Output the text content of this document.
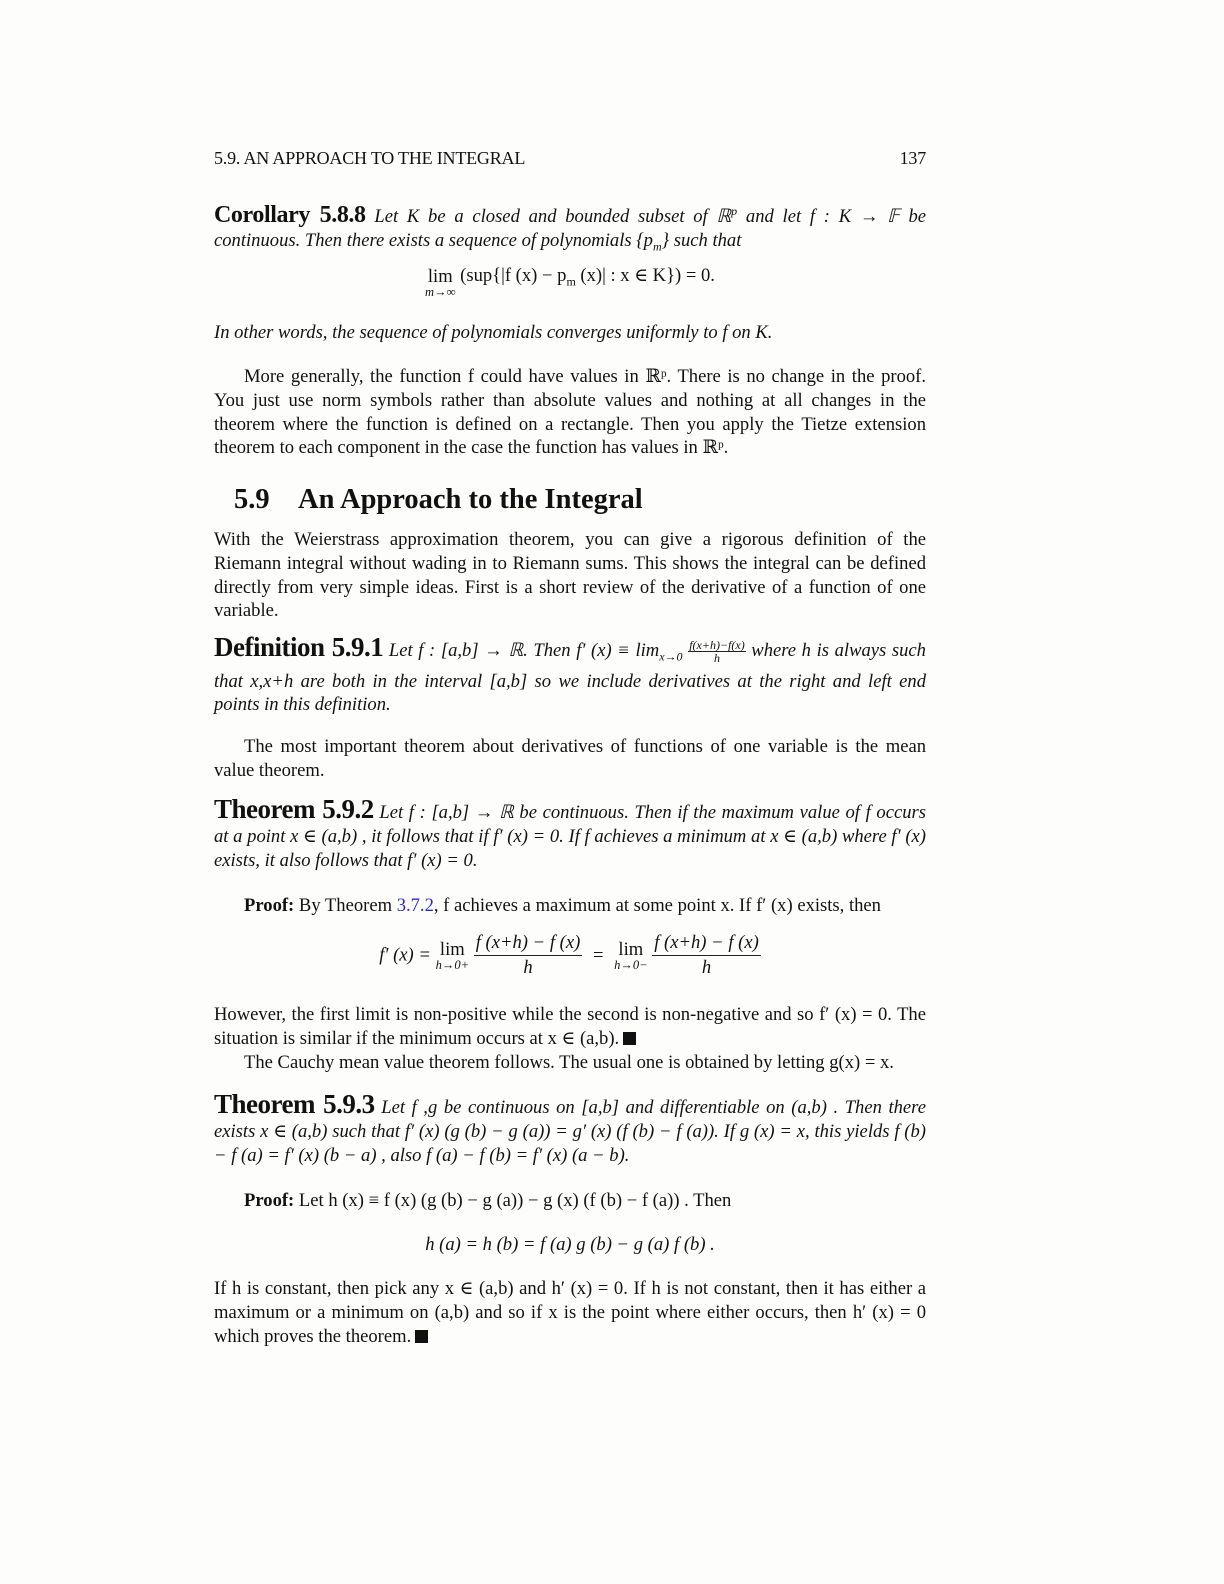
5.9. AN APPROACH TO THE INTEGRAL	137
Corollary 5.8.8 Let K be a closed and bounded subset of ℝ$^p$ and let f : K → 𝔽 be continuous. Then there exists a sequence of polynomials $\{p_m\}$ such that
lim
m→∞
(sup{|f $(x) - p_m$ (x)| : x ∈ K}) = 0.
In other words, the sequence of polynomials converges uniformly to f on K.
More generally, the function f could have values in ℝᵖ. There is no change in the proof. You just use norm symbols rather than absolute values and nothing at all changes in the theorem where the function is defined on a rectangle. Then you apply the Tietze extension theorem to each component in the case the function has values in ℝᵖ.
5.9 An Approach to the Integral
With the Weierstrass approximation theorem, you can give a rigorous definition of the Riemann integral without wading in to Riemann sums. This shows the integral can be defined directly from very simple ideas. First is a short review of the derivative of a function of one variable.
Definition 5.9.1 Let f : [a,b] → ℝ. Then f′ $(x) \equiv \lim_{x\to 0} \frac{f(x+h)-f(x)}{h}$ where h is always such that x,x+h are both in the interval [a,b] so we include derivatives at the right and left end points in this definition.
The most important theorem about derivatives of functions of one variable is the mean value theorem.
Theorem 5.9.2 Let f : [a,b] → ℝ be continuous. Then if the maximum value of f occurs at a point x ∈ (a,b) , it follows that if f′ (x) = 0. If f achieves a minimum at x ∈ (a,b) where f′ (x) exists, it also follows that f′ (x) = 0.
Proof: By Theorem 3.7.2, f achieves a maximum at some point x. If f′ (x) exists, then
f′ (x) = lim
h→0+
$\frac{f (x+h) - f (x)}{h} = \lim$
h→0−
$\frac{f (x+h) - f (x)}{h}$
However, the first limit is non-positive while the second is non-negative and so f′ (x) = 0. The situation is similar if the minimum occurs at x ∈ (a,b).
The Cauchy mean value theorem follows. The usual one is obtained by letting g(x) = x.
Theorem 5.9.3 Let f ,g be continuous on [a,b] and differentiable on (a,b) . Then there exists x ∈ (a,b) such that f′ (x) (g (b) − g (a)) = g′ (x) (f (b) − f (a)). If g (x) = x, this yields f (b) − f (a) = f′ (x) (b − a) , also f (a) − f (b) = f′ (x) (a − b).
Proof: Let h (x) ≡ f (x) (g (b) − g (a)) − g (x) (f (b) − f (a)) . Then
h (a) = h (b) = f (a) g (b) − g (a) f (b) .
If h is constant, then pick any x ∈ (a,b) and h′ (x) = 0. If h is not constant, then it has either a maximum or a minimum on (a,b) and so if x is the point where either occurs, then h′ (x) = 0 which proves the theorem.
